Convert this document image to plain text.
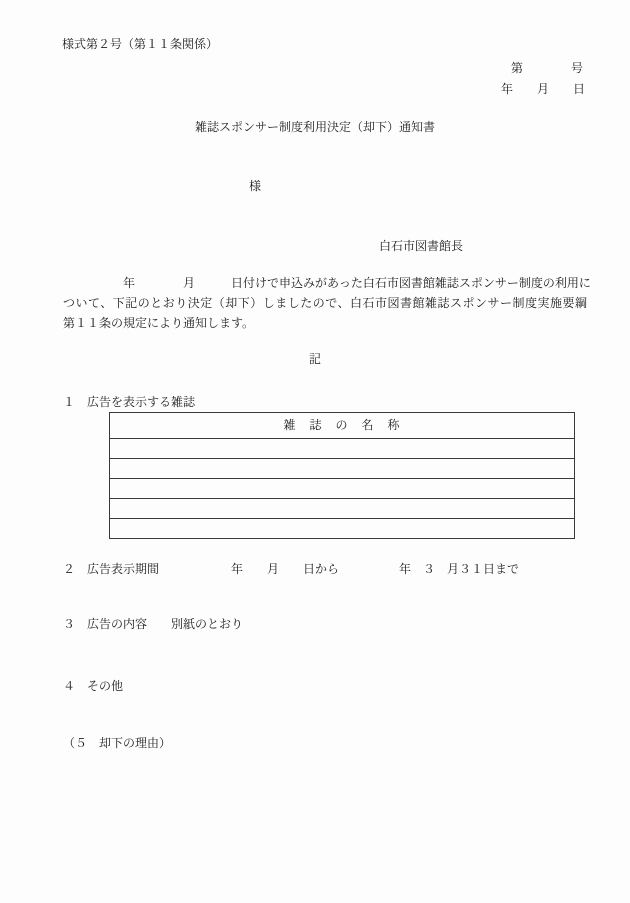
様式第２号（第１１条関係）
第　　　　号
年　　月　　日
雑誌スポンサー制度利用決定（却下）通知書
様
白石市図書館長
　　　　　年　　　　月　　　日付けで申込みがあった白石市図書館雑誌スポンサー制度の利用に
ついて、下記のとおり決定（却下）しましたので、白石市図書館雑誌スポンサー制度実施要綱
第１１条の規定により通知します。
記
１　広告を表示する雑誌
雑　誌　の　名　称
２　広告表示期間　　　　　　年　　月　　日から　　　　　年　３　月３１日まで
３　広告の内容　　別紙のとおり
４　その他
（５　却下の理由）
